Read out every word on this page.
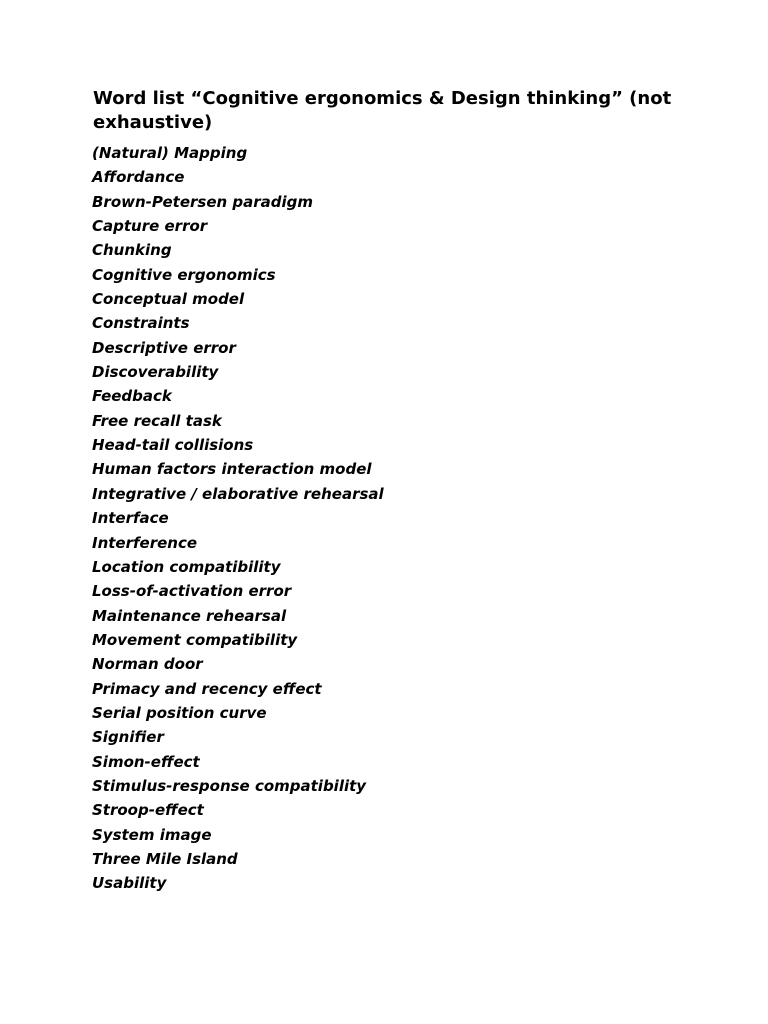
Word list “Cognitive ergonomics & Design thinking” (not exhaustive)
(Natural) Mapping
Affordance
Brown-Petersen paradigm
Capture error
Chunking
Cognitive ergonomics
Conceptual model
Constraints
Descriptive error
Discoverability
Feedback
Free recall task
Head-tail collisions
Human factors interaction model
Integrative / elaborative rehearsal
Interface
Interference
Location compatibility
Loss-of-activation error
Maintenance rehearsal
Movement compatibility
Norman door
Primacy and recency effect
Serial position curve
Signifier
Simon-effect
Stimulus-response compatibility
Stroop-effect
System image
Three Mile Island
Usability
